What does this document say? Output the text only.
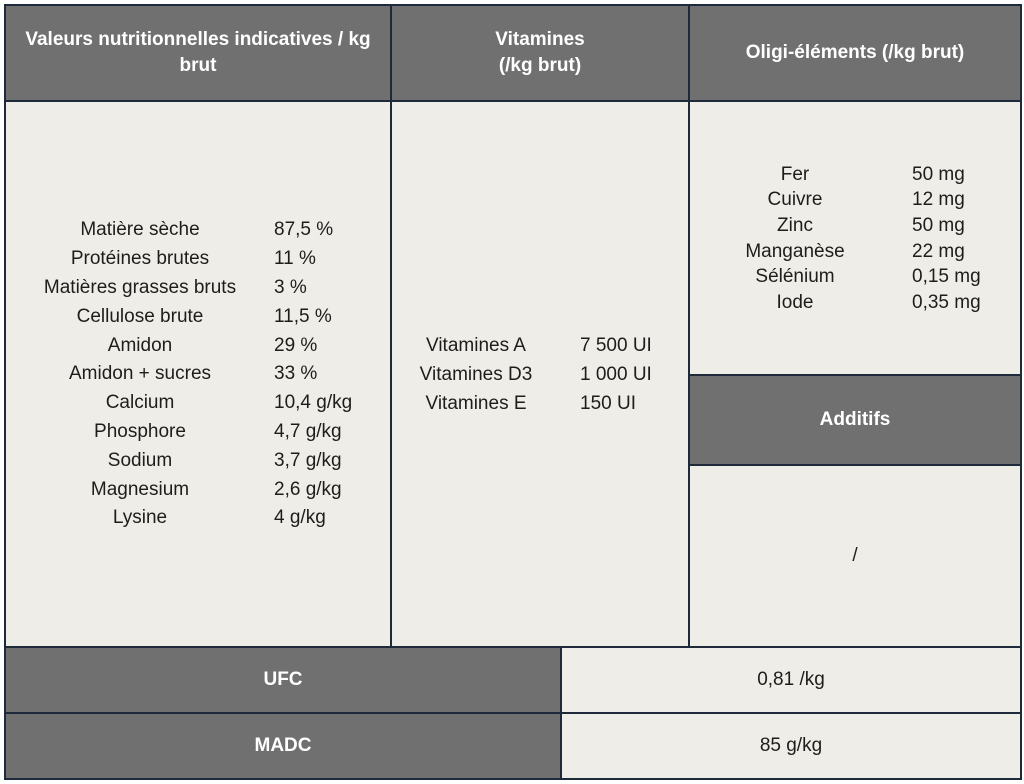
Valeurs nutritionnelles indicatives / kg brut
Vitamines (/kg brut)
Oligi-éléments (/kg brut)
Matière sèche	87,5 %
Protéines brutes	11 %
Matières grasses bruts	3 %
Cellulose brute	11,5 %
Amidon	29 %
Amidon + sucres	33 %
Calcium	10,4 g/kg
Phosphore	4,7 g/kg
Sodium	3,7 g/kg
Magnesium	2,6 g/kg
Lysine	4 g/kg
Vitamines A	7 500 UI
Vitamines D3	1 000 UI
Vitamines E	150 UI
Fer	50 mg
Cuivre	12 mg
Zinc	50 mg
Manganèse	22 mg
Sélénium	0,15 mg
Iode	0,35 mg
Additifs
/
UFC	0,81 /kg
MADC	85 g/kg
